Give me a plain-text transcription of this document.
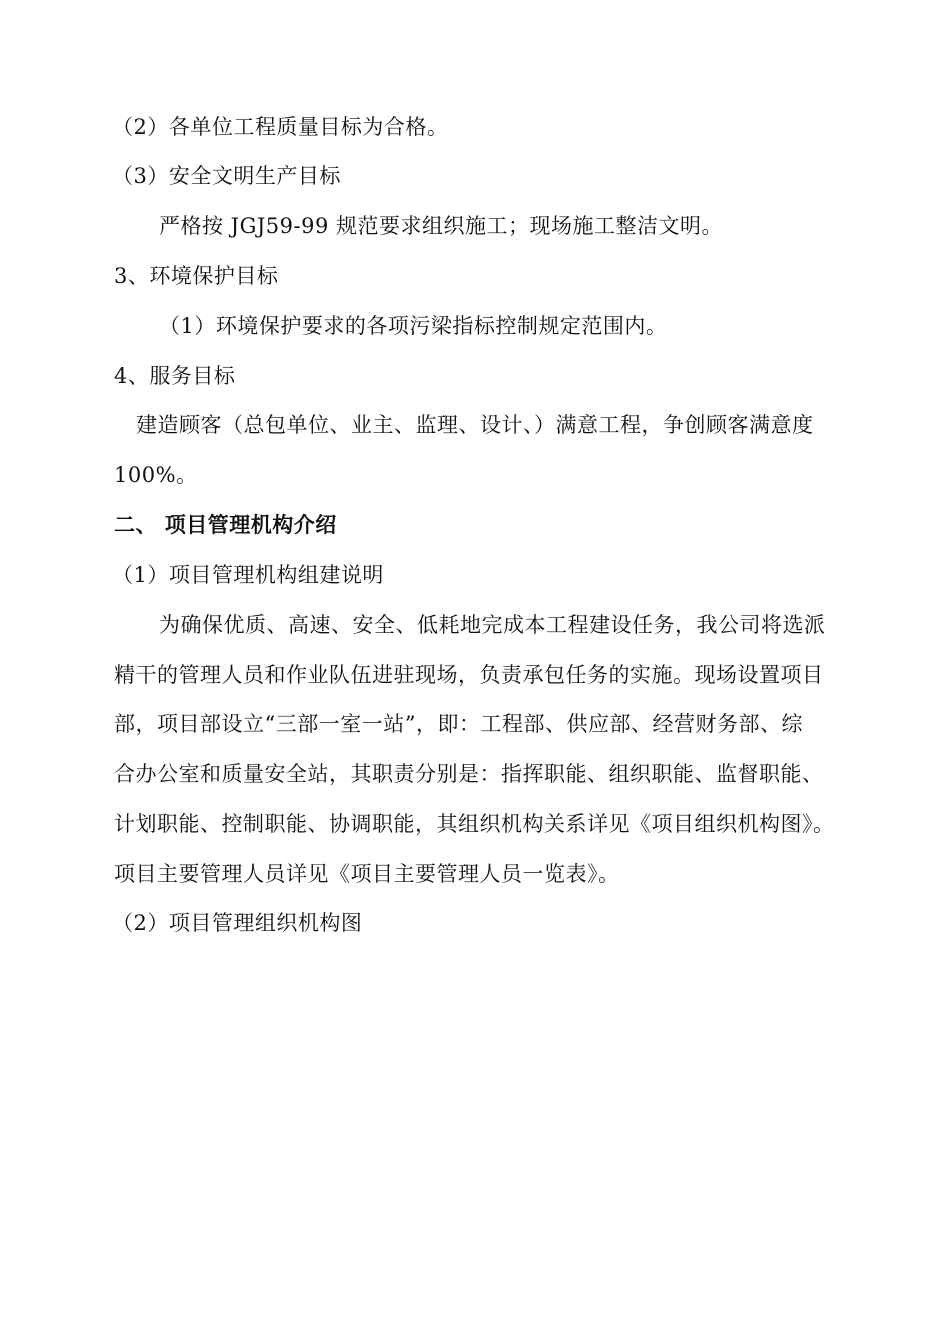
（2）各单位工程质量目标为合格。
（3）安全文明生产目标
严格按 JGJ59-99 规范要求组织施工；现场施工整洁文明。
3、环境保护目标
（1）环境保护要求的各项污梁指标控制规定范围内。
4、服务目标
建造顾客（总包单位、业主、监理、设计、）满意工程，争创顾客满意度
100%。
二、 项目管理机构介绍
（1）项目管理机构组建说明
为确保优质、高速、安全、低耗地完成本工程建设任务，我公司将选派
精干的管理人员和作业队伍进驻现场，负责承包任务的实施。现场设置项目
部，项目部设立“三部一室一站”，即：工程部、供应部、经营财务部、综
合办公室和质量安全站，其职责分别是：指挥职能、组织职能、监督职能、
计划职能、控制职能、协调职能，其组织机构关系详见《项目组织机构图》。
项目主要管理人员详见《项目主要管理人员一览表》。
（2）项目管理组织机构图
